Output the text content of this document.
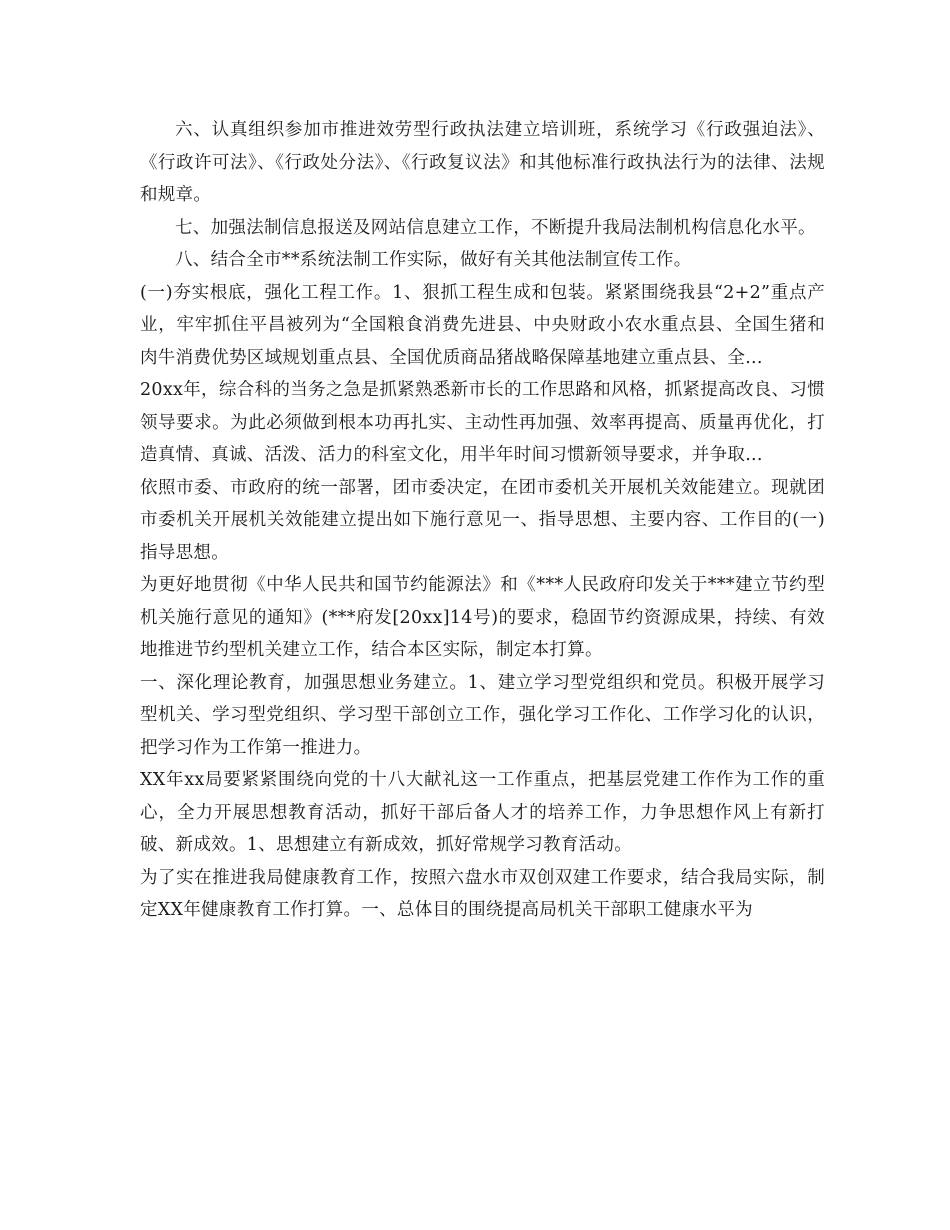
六、认真组织参加市推进效劳型行政执法建立培训班，系统学习《行政强迫法》、《行政许可法》、《行政处分法》、《行政复议法》和其他标准行政执法行为的法律、法规和规章。

七、加强法制信息报送及网站信息建立工作，不断提升我局法制机构信息化水平。

八、结合全市**系统法制工作实际，做好有关其他法制宣传工作。

(一)夯实根底，强化工程工作。1、狠抓工程生成和包装。紧紧围绕我县“2+2”重点产业，牢牢抓住平昌被列为“全国粮食消费先进县、中央财政小农水重点县、全国生猪和肉牛消费优势区域规划重点县、全国优质商品猪战略保障基地建立重点县、全...

20xx年，综合科的当务之急是抓紧熟悉新市长的工作思路和风格，抓紧提高改良、习惯领导要求。为此必须做到根本功再扎实、主动性再加强、效率再提高、质量再优化，打造真情、真诚、活泼、活力的科室文化，用半年时间习惯新领导要求，并争取...

依照市委、市政府的统一部署，团市委决定，在团市委机关开展机关效能建立。现就团市委机关开展机关效能建立提出如下施行意见一、指导思想、主要内容、工作目的(一)指导思想。

为更好地贯彻《中华人民共和国节约能源法》和《***人民政府印发关于***建立节约型机关施行意见的通知》(***府发[20xx]14号)的要求，稳固节约资源成果，持续、有效地推进节约型机关建立工作，结合本区实际，制定本打算。

一、深化理论教育，加强思想业务建立。1、建立学习型党组织和党员。积极开展学习型机关、学习型党组织、学习型干部创立工作，强化学习工作化、工作学习化的认识，把学习作为工作第一推进力。

XX年xx局要紧紧围绕向党的十八大献礼这一工作重点，把基层党建工作作为工作的重心，全力开展思想教育活动，抓好干部后备人才的培养工作，力争思想作风上有新打破、新成效。1、思想建立有新成效，抓好常规学习教育活动。

为了实在推进我局健康教育工作，按照六盘水市双创双建工作要求，结合我局实际，制定XX年健康教育工作打算。一、总体目的围绕提高局机关干部职工健康水平为
